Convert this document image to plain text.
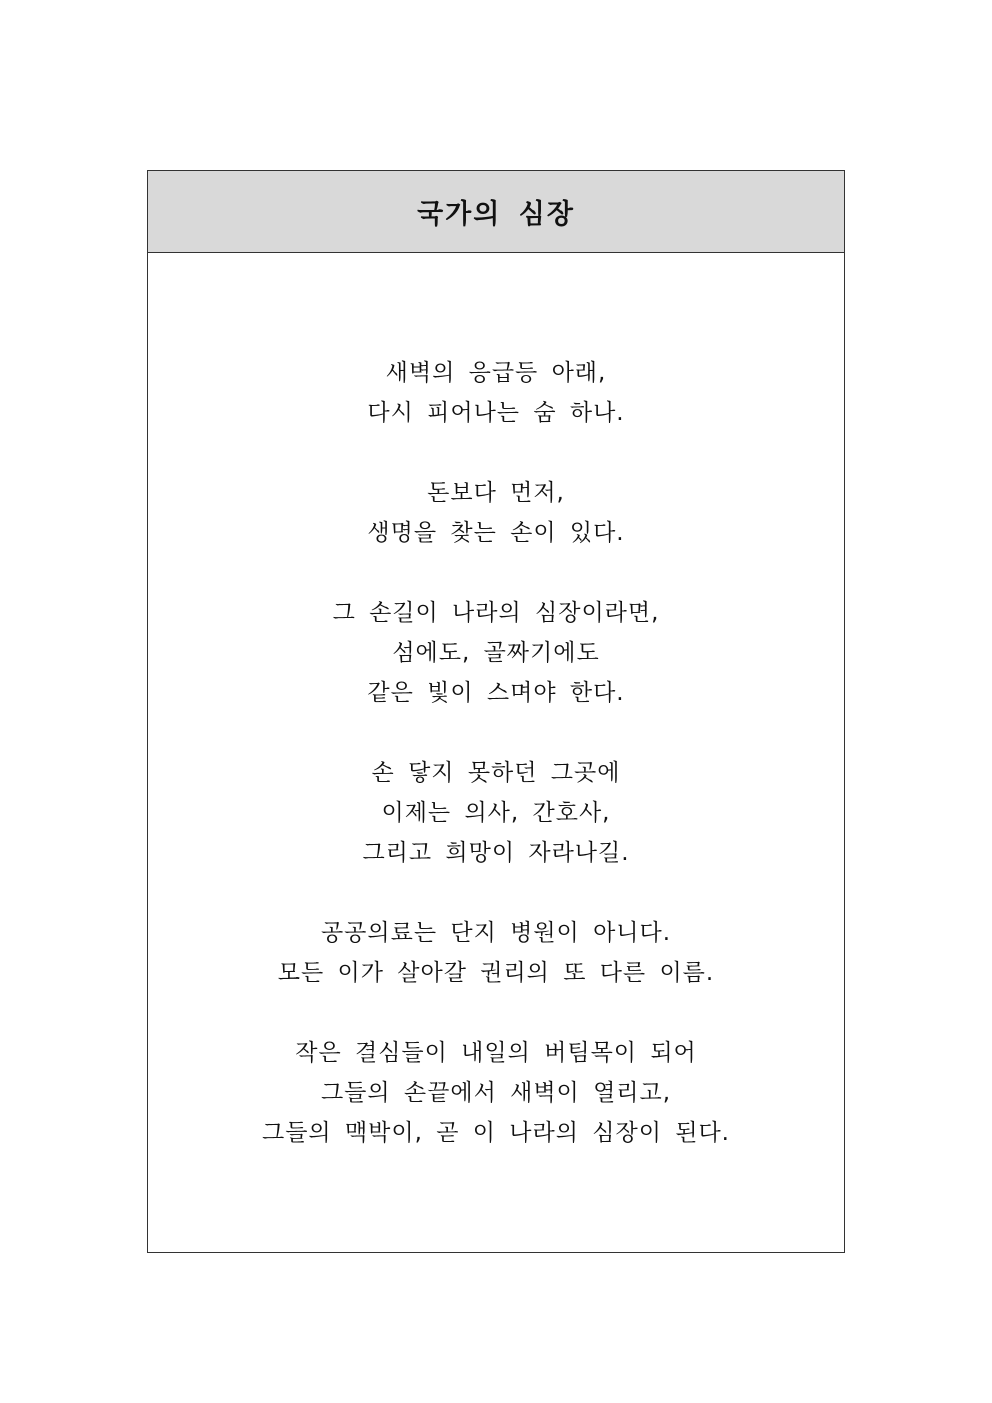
국가의 심장
새벽의 응급등 아래,
다시 피어나는 숨 하나.
돈보다 먼저,
생명을 찾는 손이 있다.
그 손길이 나라의 심장이라면,
섬에도, 골짜기에도
같은 빛이 스며야 한다.
손 닿지 못하던 그곳에
이제는 의사, 간호사,
그리고 희망이 자라나길.
공공의료는 단지 병원이 아니다.
모든 이가 살아갈 권리의 또 다른 이름.
작은 결심들이 내일의 버팀목이 되어
그들의 손끝에서 새벽이 열리고,
그들의 맥박이, 곧 이 나라의 심장이 된다.
